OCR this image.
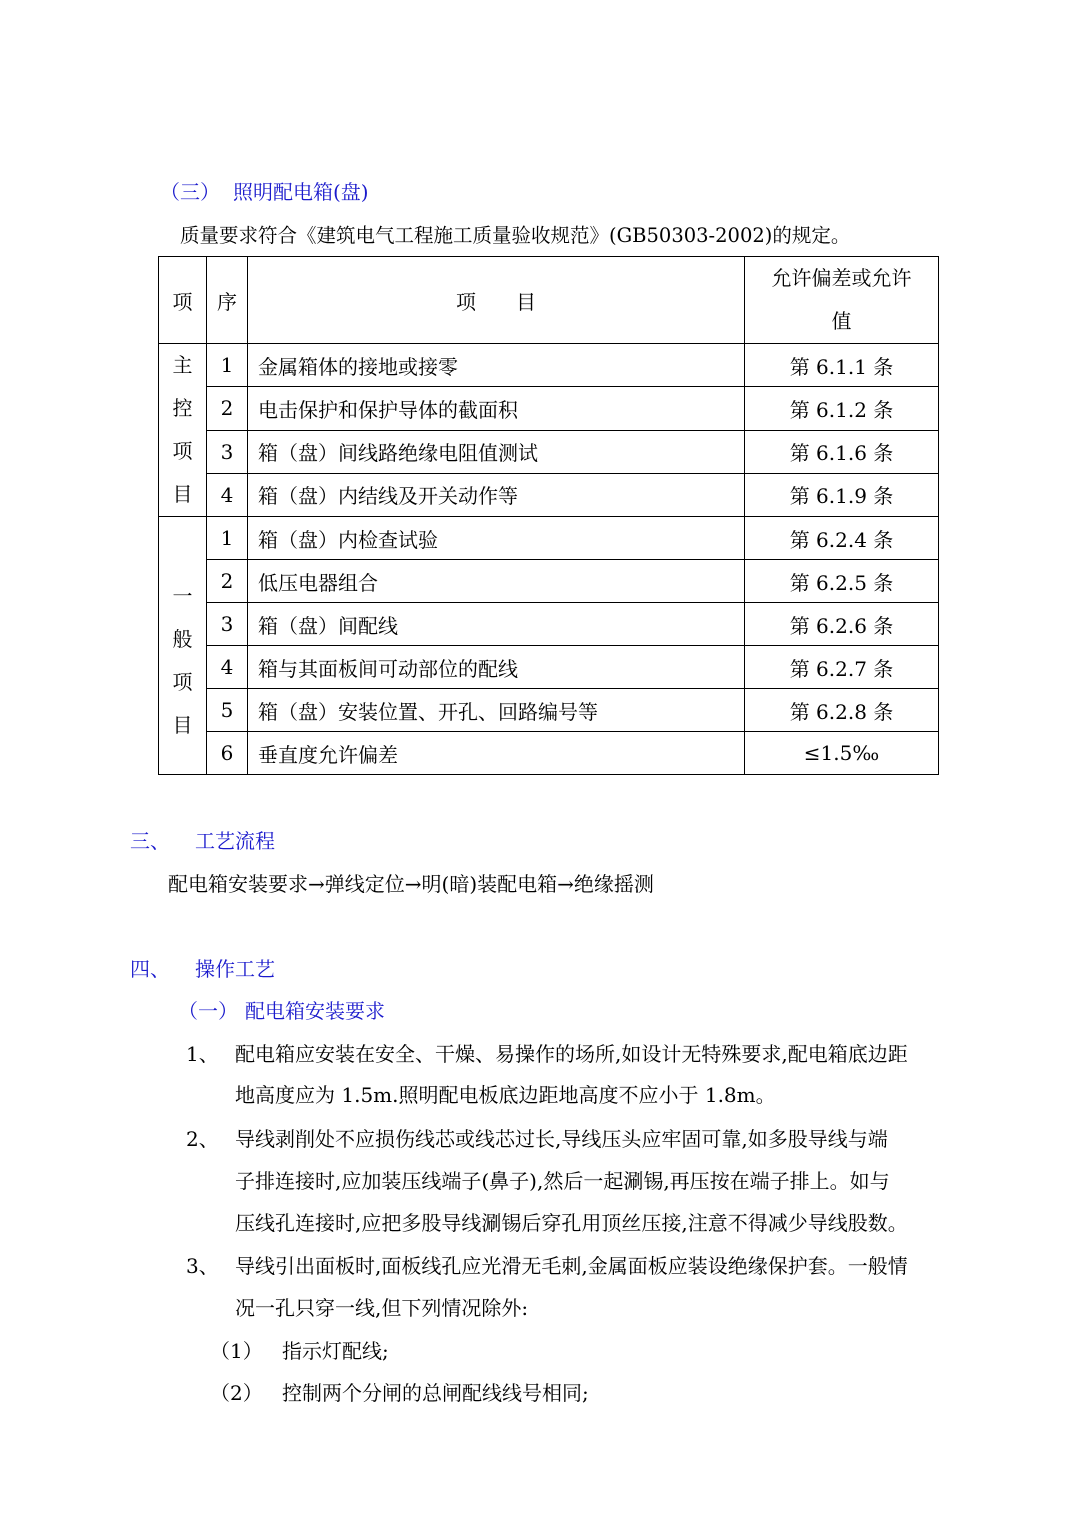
（三） 照明配电箱(盘)
质量要求符合《建筑电气工程施工质量验收规范》(GB50303-2002)的规定。
项	序	项　　目	允许偏差或允许
值

主
控
项
目	1	金属箱体的接地或接零	第 6.1.1 条
	2	电击保护和保护导体的截面积	第 6.1.2 条
	3	箱（盘）间线路绝缘电阻值测试	第 6.1.6 条
	4	箱（盘）内结线及开关动作等	第 6.1.9 条

一
般
项
目	1	箱（盘）内检查试验	第 6.2.4 条
	2	低压电器组合	第 6.2.5 条
	3	箱（盘）间配线	第 6.2.6 条
	4	箱与其面板间可动部位的配线	第 6.2.7 条
	5	箱（盘）安装位置、开孔、回路编号等	第 6.2.8 条
	6	垂直度允许偏差	≤1.5‰
三、 工艺流程
配电箱安装要求→弹线定位→明(暗)装配电箱→绝缘摇测
四、 操作工艺
（一） 配电箱安装要求
1、 配电箱应安装在安全、干燥、易操作的场所,如设计无特殊要求,配电箱底边距
地高度应为 1.5m.照明配电板底边距地高度不应小于 1.8m。
2、 导线剥削处不应损伤线芯或线芯过长,导线压头应牢固可靠,如多股导线与端
子排连接时,应加装压线端子(鼻子),然后一起涮锡,再压按在端子排上。如与
压线孔连接时,应把多股导线涮锡后穿孔用顶丝压接,注意不得减少导线股数。
3、 导线引出面板时,面板线孔应光滑无毛刺,金属面板应装设绝缘保护套。一般情
况一孔只穿一线,但下列情况除外:
（1） 指示灯配线;
（2） 控制两个分闸的总闸配线线号相同;
